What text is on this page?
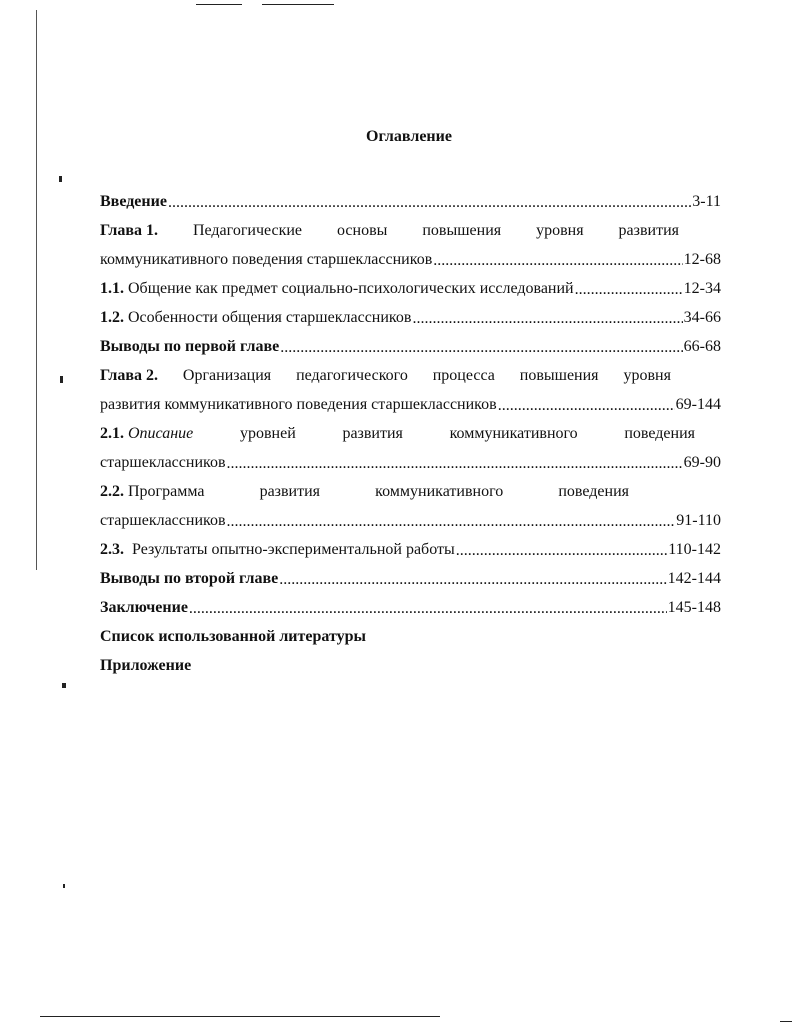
Оглавление
Введение .....	3-11
Глава 1. Педагогические основы повышения уровня развития
коммуникативного поведения старшеклассников .....	12-68
1.1. Общение как предмет социально-психологических исследований .....	12-34
1.2. Особенности общения старшеклассников .....	34-66
Выводы по первой главе .....	66-68
Глава 2. Организация педагогического процесса повышения уровня
развития коммуникативного поведения старшеклассников .....	69-144
2.1. Описание	уровней	развития	коммуникативного	поведения
старшеклассников .....	69-90
2.2. Программа	развития	коммуникативного	поведения
старшеклассников .....	91-110
2.3. Результаты опытно-экспериментальной работы .....	110-142
Выводы по второй главе .....	142-144
Заключение .....	145-148
Список использованной литературы
Приложение
